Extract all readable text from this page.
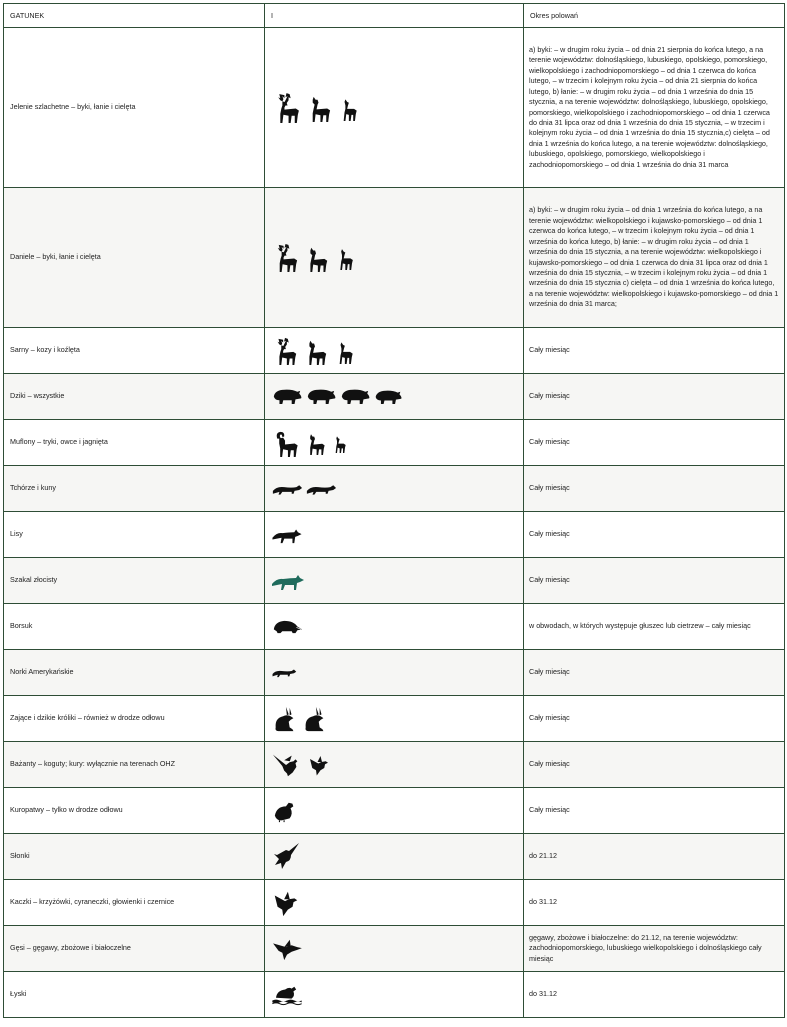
GATUNEK	I	Okres polowań

Jelenie szlachetne – byki, łanie i cielęta		a) byki: – w drugim roku życia – od dnia 21 sierpnia do końca lutego, a na terenie województw: dolnośląskiego, lubuskiego, opolskiego, pomorskiego, wielkopolskiego i zachodniopomorskiego – od dnia 1 czerwca do końca lutego, – w trzecim i kolejnym roku życia – od dnia 21 sierpnia do końca lutego, b) łanie: – w drugim roku życia – od dnia 1 września do dnia 15 stycznia, a na terenie województw: dolnośląskiego, lubuskiego, opolskiego, pomorskiego, wielkopolskiego i zachodniopomorskiego – od dnia 1 czerwca do dnia 31 lipca oraz od dnia 1 września do dnia 15 stycznia, – w trzecim i kolejnym roku życia – od dnia 1 września do dnia 15 stycznia,c) cielęta – od dnia 1 września do końca lutego, a na terenie województw: dolnośląskiego, lubuskiego, opolskiego, pomorskiego, wielkopolskiego i zachodniopomorskiego – od dnia 1 września do dnia 31 marca

Daniele – byki, łanie i cielęta		a) byki: – w drugim roku życia – od dnia 1 września do końca lutego, a na terenie województw: wielkopolskiego i kujawsko-pomorskiego – od dnia 1 czerwca do końca lutego, – w trzecim i kolejnym roku życia – od dnia 1 września do końca lutego, b) łanie: – w drugim roku życia – od dnia 1 września do dnia 15 stycznia, a na terenie województw: wielkopolskiego i kujawsko-pomorskiego – od dnia 1 czerwca do dnia 31 lipca oraz od dnia 1 września do dnia 15 stycznia, – w trzecim i kolejnym roku życia – od dnia 1 września do dnia 15 stycznia c) cielęta – od dnia 1 września do końca lutego, a na terenie województw: wielkopolskiego i kujawsko-pomorskiego – od dnia 1 września do dnia 31 marca;

Sarny – kozy i koźlęta		Cały miesiąc

Dziki – wszystkie		Cały miesiąc

Muflony – tryki, owce i jagnięta		Cały miesiąc

Tchórze i kuny		Cały miesiąc

Lisy		Cały miesiąc

Szakal złocisty		Cały miesiąc

Borsuk		w obwodach, w których występuje głuszec lub cietrzew – cały miesiąc

Norki Amerykańskie		Cały miesiąc

Zające i dzikie króliki – również w drodze odłowu		Cały miesiąc

Bażanty – koguty; kury: wyłącznie na terenach OHZ		Cały miesiąc

Kuropatwy – tylko w drodze odłowu		Cały miesiąc

Słonki		do 21.12

Kaczki – krzyżówki, cyraneczki, głowienki i czernice		do 31.12

Gęsi – gęgawy, zbożowe i białoczelne		gęgawy, zbożowe i białoczelne: do 21.12, na terenie województw: zachodniopomorskiego, lubuskiego wielkopolskiego i dolnośląskiego cały miesiąc

Łyski		do 31.12
